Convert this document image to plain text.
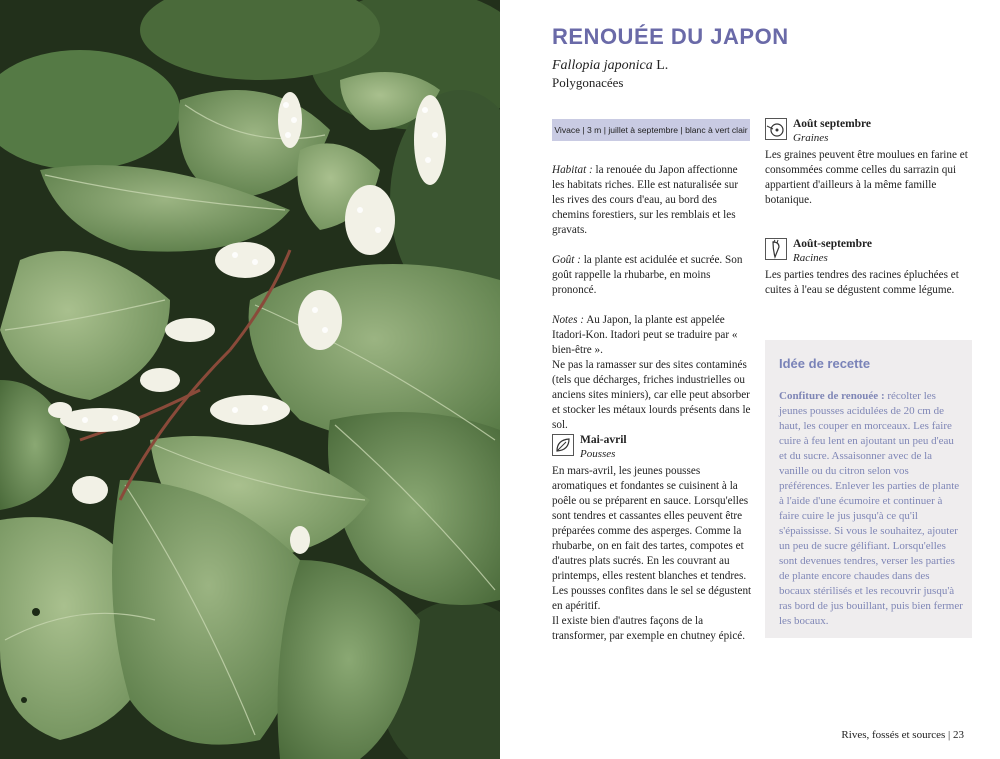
RENOUÉE DU JAPON
Fallopia japonica L.
Polygonacées
Vivace | 3 m | juillet à septembre | blanc à vert clair

Habitat : la renouée du Japon affectionne les habitats riches. Elle est naturalisée sur les rives des cours d'eau, au bord des chemins forestiers, sur les remblais et les gravats.

Goût : la plante est acidulée et sucrée. Son goût rappelle la rhubarbe, en moins prononcé.

Notes : Au Japon, la plante est appelée Itadori-Kon. Itadori peut se traduire par « bien-être ».

Ne pas la ramasser sur des sites contaminés (tels que décharges, friches industrielles ou anciens sites miniers), car elle peut absorber et stocker les métaux lourds présents dans le sol.

Mai-avril
Pousses
En mars-avril, les jeunes pousses aromatiques et fondantes se cuisinent à la poêle ou se préparent en sauce. Lorsqu'elles sont tendres et cassantes elles peuvent être préparées comme des asperges. Comme la rhubarbe, on en fait des tartes, compotes et d'autres plats sucrés. En les couvrant au printemps, elles restent blanches et tendres. Les pousses confites dans le sel se dégustent en apéritif.
Il existe bien d'autres façons de la transformer, par exemple en chutney épicé.
Août septembre
Graines
Les graines peuvent être moulues en farine et consommées comme celles du sarrazin qui appartient d'ailleurs à la même famille botanique.
Août-septembre
Racines
Les parties tendres des racines épluchées et cuites à l'eau se dégustent comme légume.
Idée de recette
Confiture de renouée : récolter les jeunes pousses acidulées de 20 cm de haut, les couper en morceaux. Les faire cuire à feu lent en ajoutant un peu d'eau et du sucre. Assaisonner avec de la vanille ou du citron selon vos préférences. Enlever les parties de plante à l'aide d'une écumoire et continuer à faire cuire le jus jusqu'à ce qu'il s'épaississe. Si vous le souhaitez, ajouter un peu de sucre gélifiant. Lorsqu'elles sont devenues tendres, verser les parties de plante encore chaudes dans des bocaux stérilisés et les recouvrir jusqu'à ras bord de jus bouillant, puis bien fermer les bocaux.
Rives, fossés et sources | 23
